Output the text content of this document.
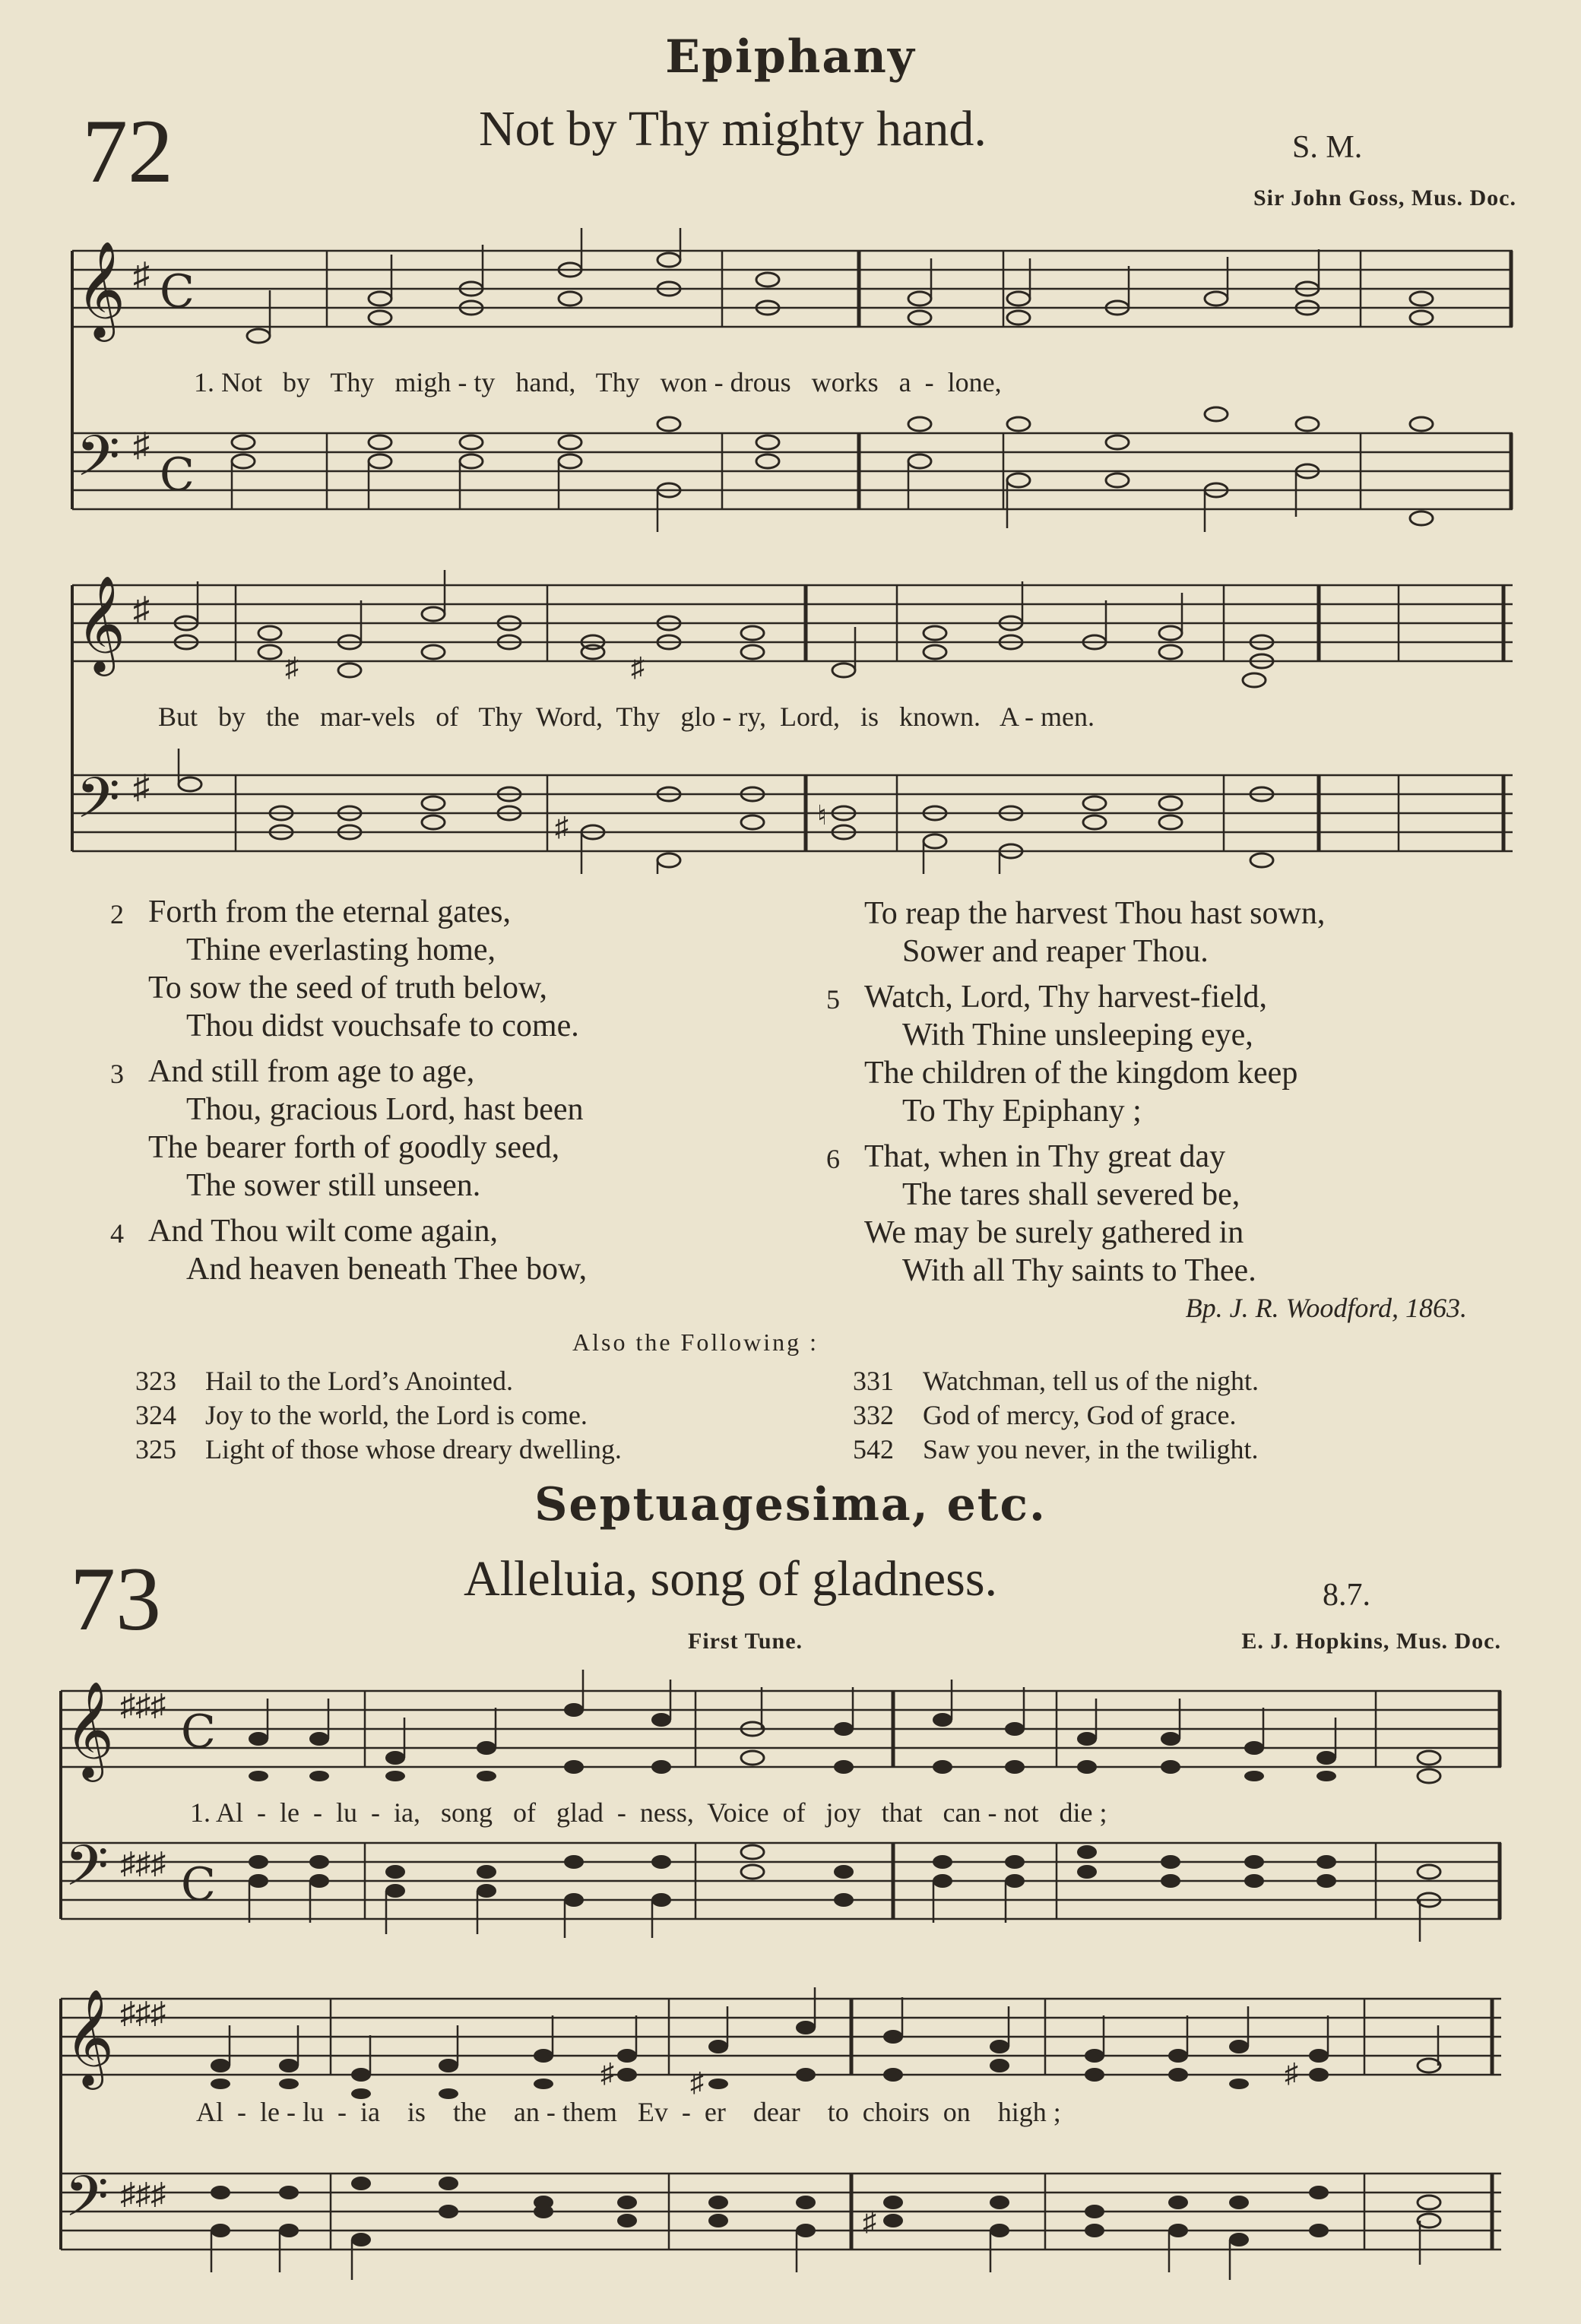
Epiphany
72	Not by Thy mighty hand.	S. M.
Sir John Goss, Mus. Doc.
𝄞
𝄢
♯
♯
C
C
1. Not   by   Thy   migh - ty   hand,   Thy   won - drous   works   a  -  lone,
𝄞
𝄢
♯
♯
♯	♯
♯	♮
But   by   the   mar-vels   of   Thy  Word,  Thy   glo - ry,  Lord,   is   known.   A - men.
2 Forth from the eternal gates,
Thine everlasting home,
To sow the seed of truth below,
Thou didst vouchsafe to come.
3 And still from age to age,
Thou, gracious Lord, hast been
The bearer forth of goodly seed,
The sower still unseen.
4 And Thou wilt come again,
And heaven beneath Thee bow,
To reap the harvest Thou hast sown,
Sower and reaper Thou.
5 Watch, Lord, Thy harvest-field,
With Thine unsleeping eye,
The children of the kingdom keep
To Thy Epiphany ;
6 That, when in Thy great day
The tares shall severed be,
We may be surely gathered in
With all Thy saints to Thee.
Bp. J. R. Woodford, 1863.
Also the Following :
323 Hail to the Lord’s Anointed.
324 Joy to the world, the Lord is come.
325 Light of those whose dreary dwelling.
331 Watchman, tell us of the night.
332 God of mercy, God of grace.
542 Saw you never, in the twilight.
Septuagesima, etc.
73	Alleluia, song of gladness.	8.7.
First Tune.	E. J. Hopkins, Mus. Doc.
𝄞
𝄢
♯♯♯
♯♯♯
C
C
1. Al  -  le  -  lu  -  ia,   song   of   glad  -  ness,  Voice  of   joy   that   can - not   die ;
𝄞
𝄢
♯♯♯
♯♯♯
♯	♯	♯
♯
Al  -  le - lu  -  ia    is    the    an - them   Ev  -  er    dear    to  choirs  on    high ;
